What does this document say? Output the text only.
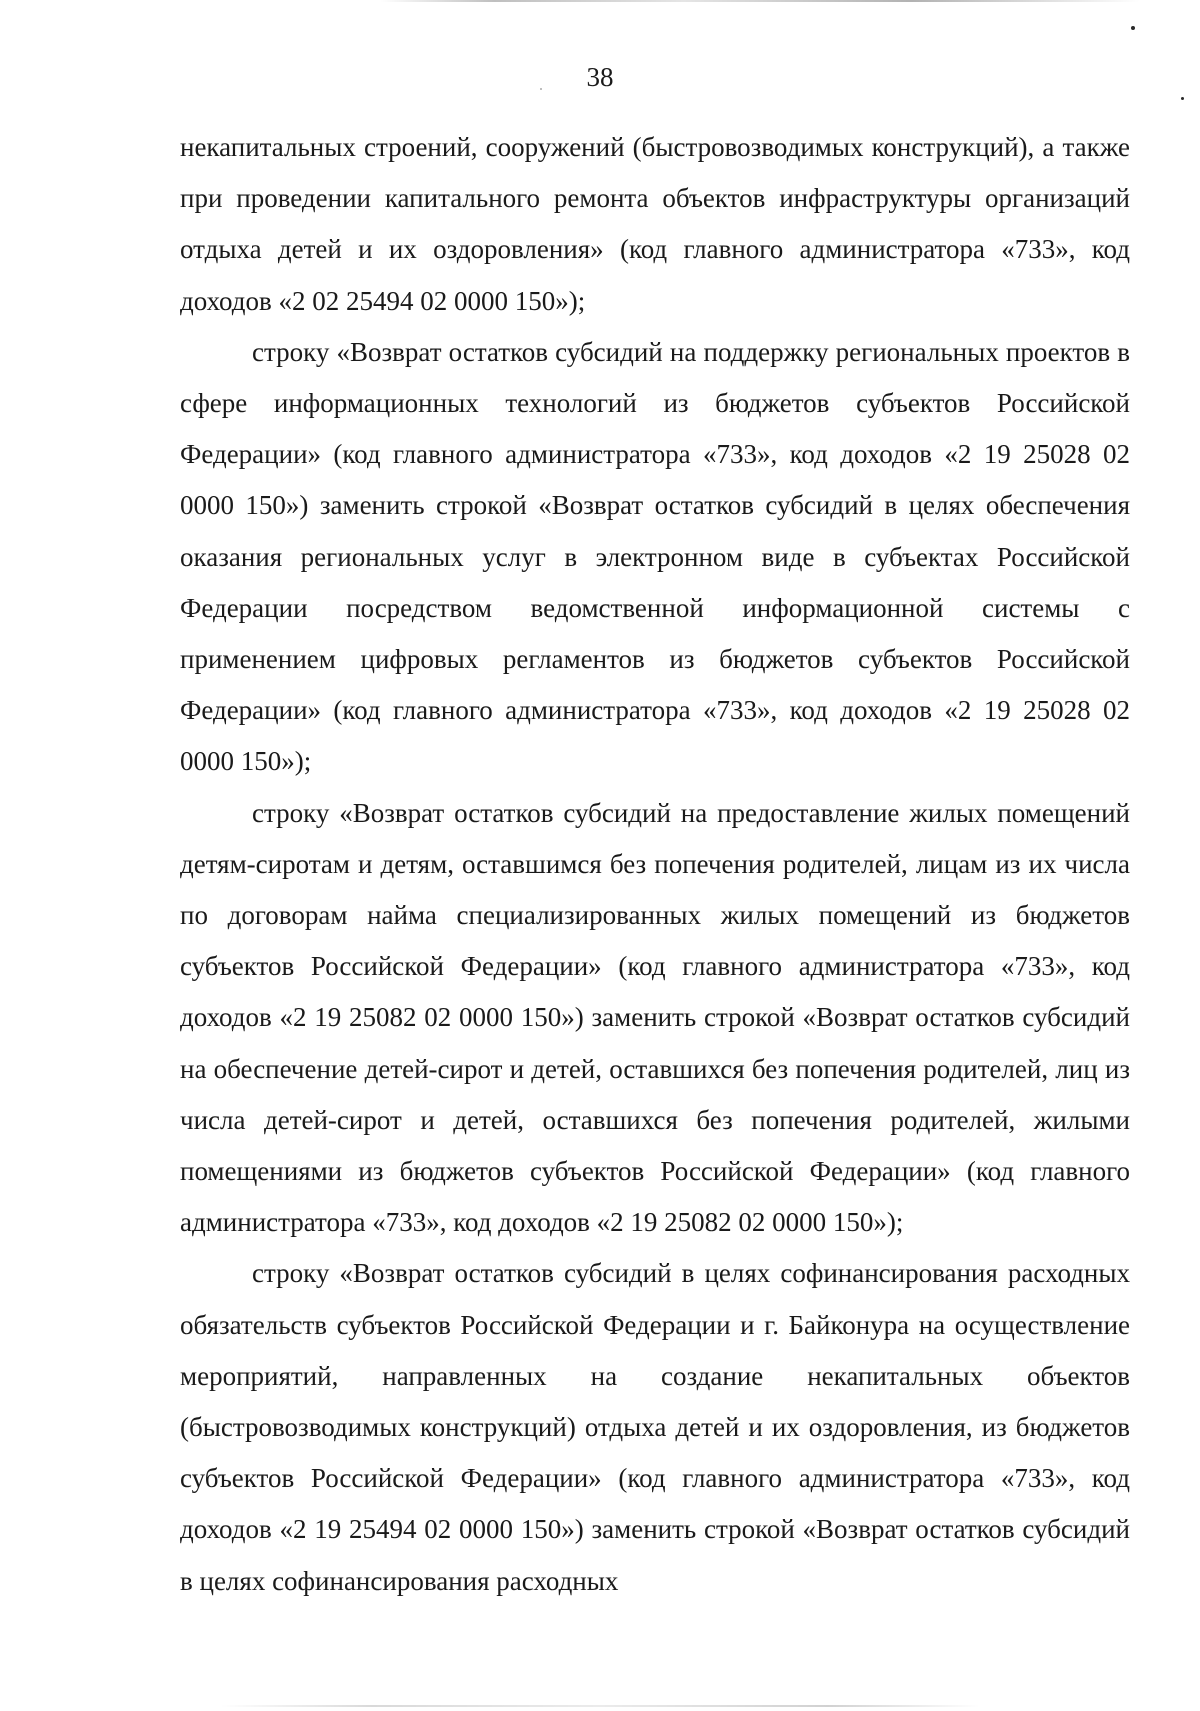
38

некапитальных строений, сооружений (быстровозводимых конструкций), а также при проведении капитального ремонта объектов инфраструктуры организаций отдыха детей и их оздоровления» (код главного администратора «733», код доходов «2 02 25494 02 0000 150»);

строку «Возврат остатков субсидий на поддержку региональных проектов в сфере информационных технологий из бюджетов субъектов Российской Федерации» (код главного администратора «733», код доходов «2 19 25028 02 0000 150») заменить строкой «Возврат остатков субсидий в целях обеспечения оказания региональных услуг в электронном виде в субъектах Российской Федерации посредством ведомственной информационной системы с применением цифровых регламентов из бюджетов субъектов Российской Федерации» (код главного администратора «733», код доходов «2 19 25028 02 0000 150»);

строку «Возврат остатков субсидий на предоставление жилых помещений детям-сиротам и детям, оставшимся без попечения родителей, лицам из их числа по договорам найма специализированных жилых помещений из бюджетов субъектов Российской Федерации» (код главного администратора «733», код доходов «2 19 25082 02 0000 150») заменить строкой «Возврат остатков субсидий на обеспечение детей-сирот и детей, оставшихся без попечения родителей, лиц из числа детей-сирот и детей, оставшихся без попечения родителей, жилыми помещениями из бюджетов субъектов Российской Федерации» (код главного администратора «733», код доходов «2 19 25082 02 0000 150»);

строку «Возврат остатков субсидий в целях софинансирования расходных обязательств субъектов Российской Федерации и г. Байконура на осуществление мероприятий, направленных на создание некапитальных объектов (быстровозводимых конструкций) отдыха детей и их оздоровления, из бюджетов субъектов Российской Федерации» (код главного администратора «733», код доходов «2 19 25494 02 0000 150») заменить строкой «Возврат остатков субсидий в целях софинансирования расходных
